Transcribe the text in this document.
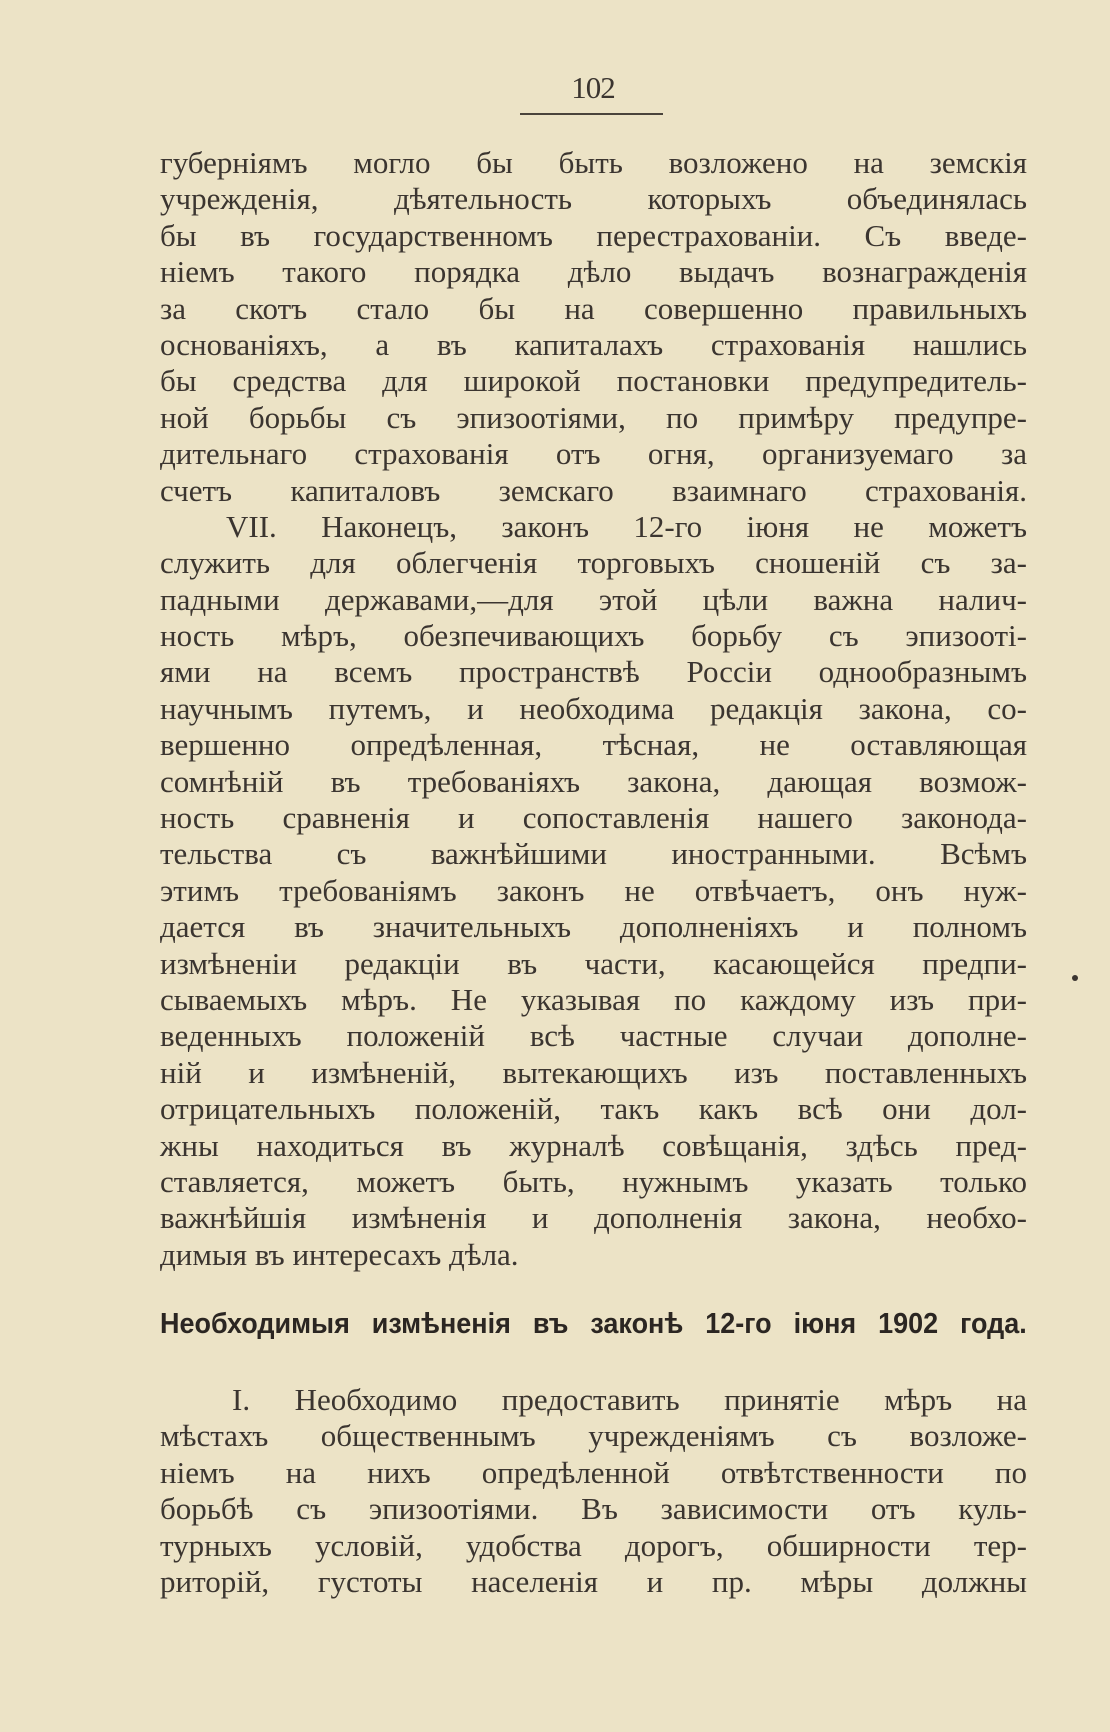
102
губерніямъ могло бы быть возложено на земскія
учрежденія, дѣятельность которыхъ объединялась
бы въ государственномъ перестрахованіи. Съ введе-
ніемъ такого порядка дѣло выдачъ вознагражденія
за скотъ стало бы на совершенно правильныхъ
основаніяхъ, а въ капиталахъ страхованія нашлись
бы средства для широкой постановки предупредитель-
ной борьбы съ эпизоотіями, по примѣру предупре-
дительнаго страхованія отъ огня, организуемаго за
счетъ капиталовъ земскаго взаимнаго страхованія.
VII. Наконецъ, законъ 12-го іюня не можетъ
служить для облегченія торговыхъ сношеній съ за-
падными державами,—для этой цѣли важна налич-
ность мѣръ, обезпечивающихъ борьбу съ эпизооті-
ями на всемъ пространствѣ Россіи однообразнымъ
научнымъ путемъ, и необходима редакція закона, со-
вершенно опредѣленная, тѣсная, не оставляющая
сомнѣній въ требованіяхъ закона, дающая возмож-
ность сравненія и сопоставленія нашего законода-
тельства съ важнѣйшими иностранными. Всѣмъ
этимъ требованіямъ законъ не отвѣчаетъ, онъ нуж-
дается въ значительныхъ дополненіяхъ и полномъ
измѣненіи редакціи въ части, касающейся предпи-
сываемыхъ мѣръ. Не указывая по каждому изъ при-
веденныхъ положеній всѣ частные случаи дополне-
ній и измѣненій, вытекающихъ изъ поставленныхъ
отрицательныхъ положеній, такъ какъ всѣ они дол-
жны находиться въ журналѣ совѣщанія, здѣсь пред-
ставляется, можетъ быть, нужнымъ указать только
важнѣйшія измѣненія и дополненія закона, необхо-
димыя въ интересахъ дѣла.
Необходимыя измѣненія въ законѣ 12-го іюня 1902 года.
I. Необходимо предоставить принятіе мѣръ на
мѣстахъ общественнымъ учрежденіямъ съ возложе-
ніемъ на нихъ опредѣленной отвѣтственности по
борьбѣ съ эпизоотіями. Въ зависимости отъ куль-
турныхъ условій, удобства дорогъ, обширности тер-
риторій, густоты населенія и пр. мѣры должны
